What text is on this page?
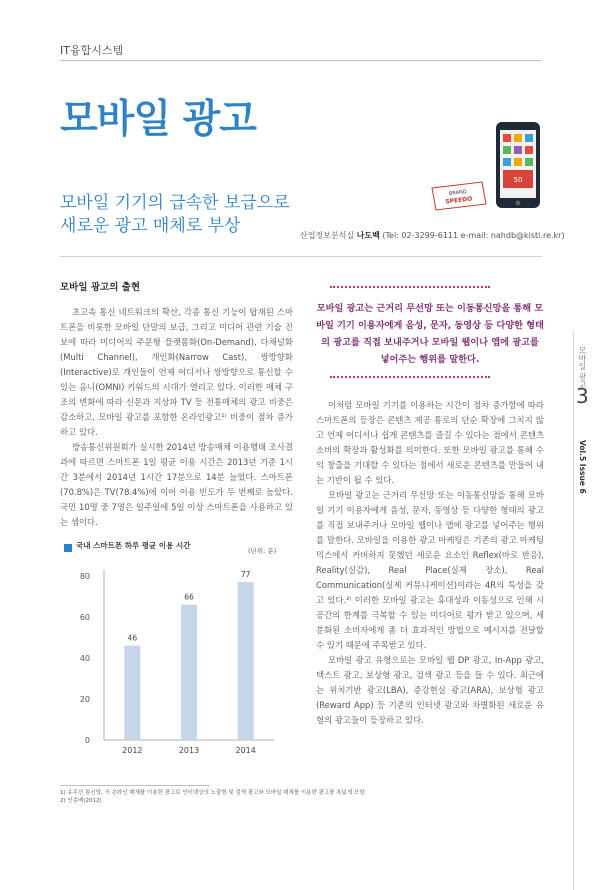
IT융합시스템
모바일 광고
50
BRAND
SPEEDO
모바일 기기의 급속한 보급으로
새로운 광고 매체로 부상	산업정보분석실 나도백 (Tel: 02-3299-6111 e-mail: nahdb@kisti.re.kr)
모바일 광고
3
Vol.5 Issue 6
모바일 광고의 출현

초고속 통신 네트워크의 확산, 각종 통신 기능이 탑재된 스마트폰을 비롯한 모바일 단말의 보급, 그리고 미디어 관련 기술 진보에 따라 미디어의 주문형 플랫폼화(On-Demand), 다채널화(Multi Channel), 개인화(Narrow Cast), 쌍방향화(Interactive)로 개인들이 언제 어디서나 쌍방향으로 통신할 수 있는 옴니(OMNI) 키워드의 시대가 열리고 있다. 이러한 매체 구조의 변화에 따라 신문과 지상파 TV 등 전통매체의 광고 비중은 감소하고, 모바일 광고를 포함한 온라인광고¹⁾ 비중이 점차 증가하고 있다.

방송통신위원회가 실시한 2014년 방송매체 이용행태 조사결과에 따르면 스마트폰 1일 평균 이용 시간은 2013년 기준 1시간 3분에서 2014년 1시간 17분으로 14분 늘었다. 스마트폰(70.8%)은 TV(78.4%)에 이어 이용 빈도가 두 번째로 높았다. 국민 10명 중 7명은 일주일에 5일 이상 스마트폰을 사용하고 있는 셈이다.

0
20
40
60
80
46
2012
66
2013
77
2014
국내 스마트폰 하루 평균 이용 시간
(단위: 분)
모바일 광고는 근거리 무선망 또는 이동통신망을 통해 모바일 기기 이용자에게 음성, 문자, 동영상 등 다양한 형태의 광고를 직접 보내주거나 모바일 웹이나 앱에 광고를 넣어주는 행위를 말한다.

이처럼 모바일 기기를 이용하는 시간이 점차 증가함에 따라 스마트폰의 등장은 콘텐츠 제공 통로의 단순 확장에 그치지 않고 언제 어디서나 쉽게 콘텐츠를 즐길 수 있다는 점에서 콘텐츠 소비의 확장과 활성화를 의미한다. 또한 모바일 광고를 통해 수익 창출을 기대할 수 있다는 점에서 새로운 콘텐츠를 만들어 내는 기반이 될 수 있다.

모바일 광고는 근거리 무선망 또는 이동통신망을 통해 모바일 기기 이용자에게 음성, 문자, 동영상 등 다양한 형태의 광고를 직접 보내주거나 모바일 웹이나 앱에 광고를 넣어주는 행위를 말한다. 모바일을 이용한 광고 마케팅은 기존의 광고 마케팅 믹스에서 커버하지 못했던 새로운 요소인 Reflex(바로 반응), Reality(실감), Real Place(실제 장소), Real Communication(실제 커뮤니케이션)이라는 4R의 특성을 갖고 있다.²⁾ 이러한 모바일 광고는 휴대성과 이동성으로 인해 시공간의 한계를 극복할 수 있는 미디어로 평가 받고 있으며, 세분화된 소비자에게 좀 더 효과적인 방법으로 메시지를 전달할 수 있기 때문에 주목받고 있다.

모바일 광고 유형으로는 모바일 웹 DP 광고, In-App 광고, 텍스트 광고, 보상형 광고, 검색 광고 등을 들 수 있다. 최근에는 위치기반 광고(LBA), 증강현실 광고(ARA), 보상형 광고(Reward App) 등 기존의 인터넷 광고와 차별화된 새로운 유형의 광고들이 등장하고 있다.

1) 유무선 통신망, 즉 온라인 매체를 이용한 광고로 인터넷상의 노출형 및 검색 광고와 모바일 매체를 이용한 광고를 폭넓게 포함.
2) 안종배(2012)
